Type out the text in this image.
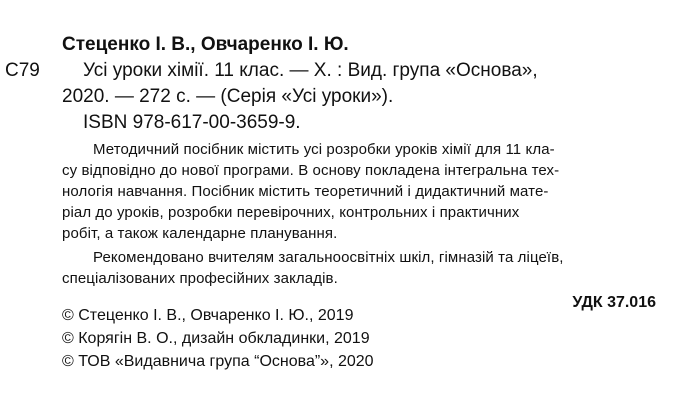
Стеценко І. В., Овчаренко І. Ю.
С79 Усі уроки хімії. 11 клас. — Х. : Вид. група «Основа»,
2020. — 272 с. — (Серія «Усі уроки»).
ISBN 978-617-00-3659-9.
Методичний посібник містить усі розробки уроків хімії для 11 кла-
су відповідно до нової програми. В основу покладена інтегральна тех-
нологія навчання. Посібник містить теоретичний і дидактичний мате-
ріал до уроків, розробки перевірочних, контрольних і практичних
робіт, а також календарне планування.
Рекомендовано вчителям загальноосвітніх шкіл, гімназій та ліцеїв,
спеціалізованих професійних закладів.
УДК 37.016
© Стеценко І. В., Овчаренко І. Ю., 2019
© Корягін В. О., дизайн обкладинки, 2019
© ТОВ «Видавнича група “Основа”», 2020
